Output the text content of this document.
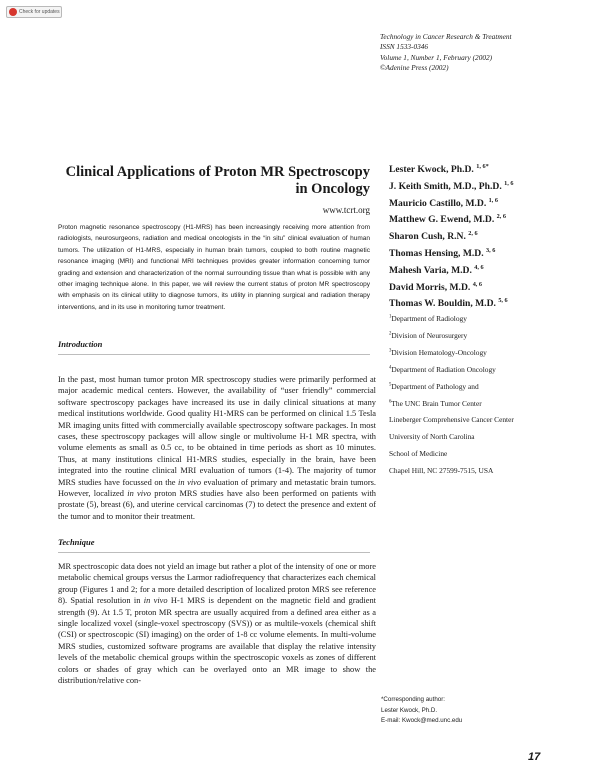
Check for updates
Technology in Cancer Research & Treatment
ISSN 1533-0346
Volume 1, Number 1, February (2002)
©Adenine Press (2002)
Clinical Applications of Proton MR Spectroscopy in Oncology
www.tcrt.org
Proton magnetic resonance spectroscopy (H1-MRS) has been increasingly receiving more attention from radiologists, neurosurgeons, radiation and medical oncologists in the “in situ” clinical evaluation of human tumors. The utilization of H1-MRS, especially in human brain tumors, coupled to both routine magnetic resonance imaging (MRI) and functional MRI techniques provides greater information concerning tumor grading and extension and characterization of the normal surrounding tissue than what is possible with any other imaging technique alone. In this paper, we will review the current status of proton MR spectroscopy with emphasis on its clinical utility to diagnose tumors, its utility in planning surgical and radiation therapy interventions, and in its use in monitoring tumor treatment.
Introduction
In the past, most human tumor proton MR spectroscopy studies were primarily performed at major academic medical centers. However, the availability of “user friendly” commercial software spectroscopy packages have increased its use in daily clinical situations at many medical institutions worldwide. Good quality H1-MRS can be performed on clinical 1.5 Tesla MR imaging units fitted with commercially available spectroscopy software packages. In most cases, these spectroscopy packages will allow single or multivolume H-1 MR spectra, with volume elements as small as 0.5 cc, to be obtained in time periods as short as 10 minutes. Thus, at many institutions clinical H1-MRS studies, especially in the brain, have been integrated into the routine clinical MRI evaluation of tumors (1-4). The majority of tumor MRS studies have focussed on the in vivo evaluation of primary and metastatic brain tumors. However, localized in vivo proton MRS studies have also been performed on patients with prostate (5), breast (6), and uterine cervical carcinomas (7) to detect the presence and extent of the tumor and to monitor their treatment.
Technique
MR spectroscopic data does not yield an image but rather a plot of the intensity of one or more metabolic chemical groups versus the Larmor radiofrequency that characterizes each chemical group (Figures 1 and 2; for a more detailed description of localized proton MRS see reference 8). Spatial resolution in in vivo H-1 MRS is dependent on the magnetic field and gradient strength (9). At 1.5 T, proton MR spectra are usually acquired from a defined area either as a single localized voxel (single-voxel spectroscopy (SVS)) or as multile-voxels (chemical shift (CSI) or spectroscopic (SI) imaging) on the order of 1-8 cc volume elements. In multi-volume MRS studies, customized software programs are available that display the relative intensity levels of the metabolic chemical groups within the spectroscopic voxels as zones of different colors or shades of gray which can be overlayed onto an MR image to show the distribution/relative con-
Lester Kwock, Ph.D. $^{1, 6*}$
J. Keith Smith, M.D., Ph.D. $^{1, 6}$
Mauricio Castillo, M.D. $^{1, 6}$
Matthew G. Ewend, M.D. $^{2, 6}$
Sharon Cush, R.N. $^{2, 6}$
Thomas Hensing, M.D. $^{3, 6}$
Mahesh Varia, M.D. $^{4, 6}$
David Morris, M.D. $^{4, 6}$
Thomas W. Bouldin, M.D. $^{5, 6}$
$^1$Department of Radiology
$^2$Division of Neurosurgery
$^3$Division Hematology-Oncology
$^4$Department of Radiation Oncology
$^5$Department of Pathology and
$^6$The UNC Brain Tumor Center
Lineberger Comprehensive Cancer Center
University of North Carolina
School of Medicine
Chapel Hill, NC 27599-7515, USA
*Corresponding author:
Lester Kwock, Ph.D.
E-mail: Kwock@med.unc.edu
17
